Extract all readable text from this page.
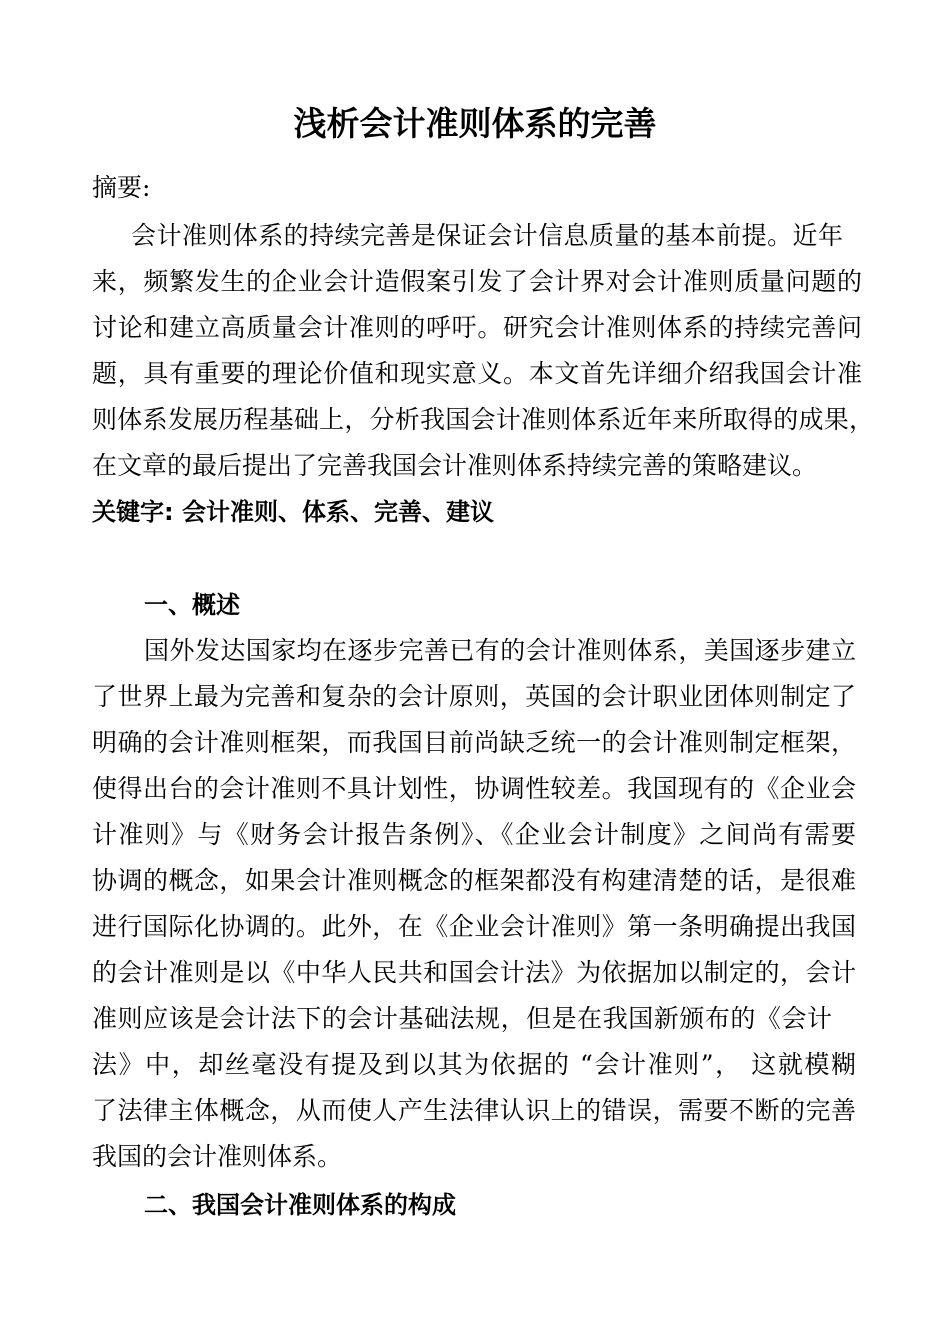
浅析会计准则体系的完善
摘要:
会计准则体系的持续完善是保证会计信息质量的基本前提。近年
来，频繁发生的企业会计造假案引发了会计界对会计准则质量问题的
讨论和建立高质量会计准则的呼吁。研究会计准则体系的持续完善问
题，具有重要的理论价值和现实意义。本文首先详细介绍我国会计准
则体系发展历程基础上，分析我国会计准则体系近年来所取得的成果，
在文章的最后提出了完善我国会计准则体系持续完善的策略建议。
关键字: 会计准则、体系、完善、建议
一、概述
国外发达国家均在逐步完善已有的会计准则体系，美国逐步建立
了世界上最为完善和复杂的会计原则，英国的会计职业团体则制定了
明确的会计准则框架，而我国目前尚缺乏统一的会计准则制定框架，
使得出台的会计准则不具计划性，协调性较差。我国现有的《企业会
计准则》与《财务会计报告条例》、《企业会计制度》之间尚有需要
协调的概念，如果会计准则概念的框架都没有构建清楚的话，是很难
进行国际化协调的。此外，在《企业会计准则》第一条明确提出我国
的会计准则是以《中华人民共和国会计法》为依据加以制定的，会计
准则应该是会计法下的会计基础法规，但是在我国新颁布的《会计
法》中，却丝毫没有提及到以其为依据的 “会计准则”， 这就模糊
了法律主体概念，从而使人产生法律认识上的错误，需要不断的完善
我国的会计准则体系。
二、我国会计准则体系的构成
